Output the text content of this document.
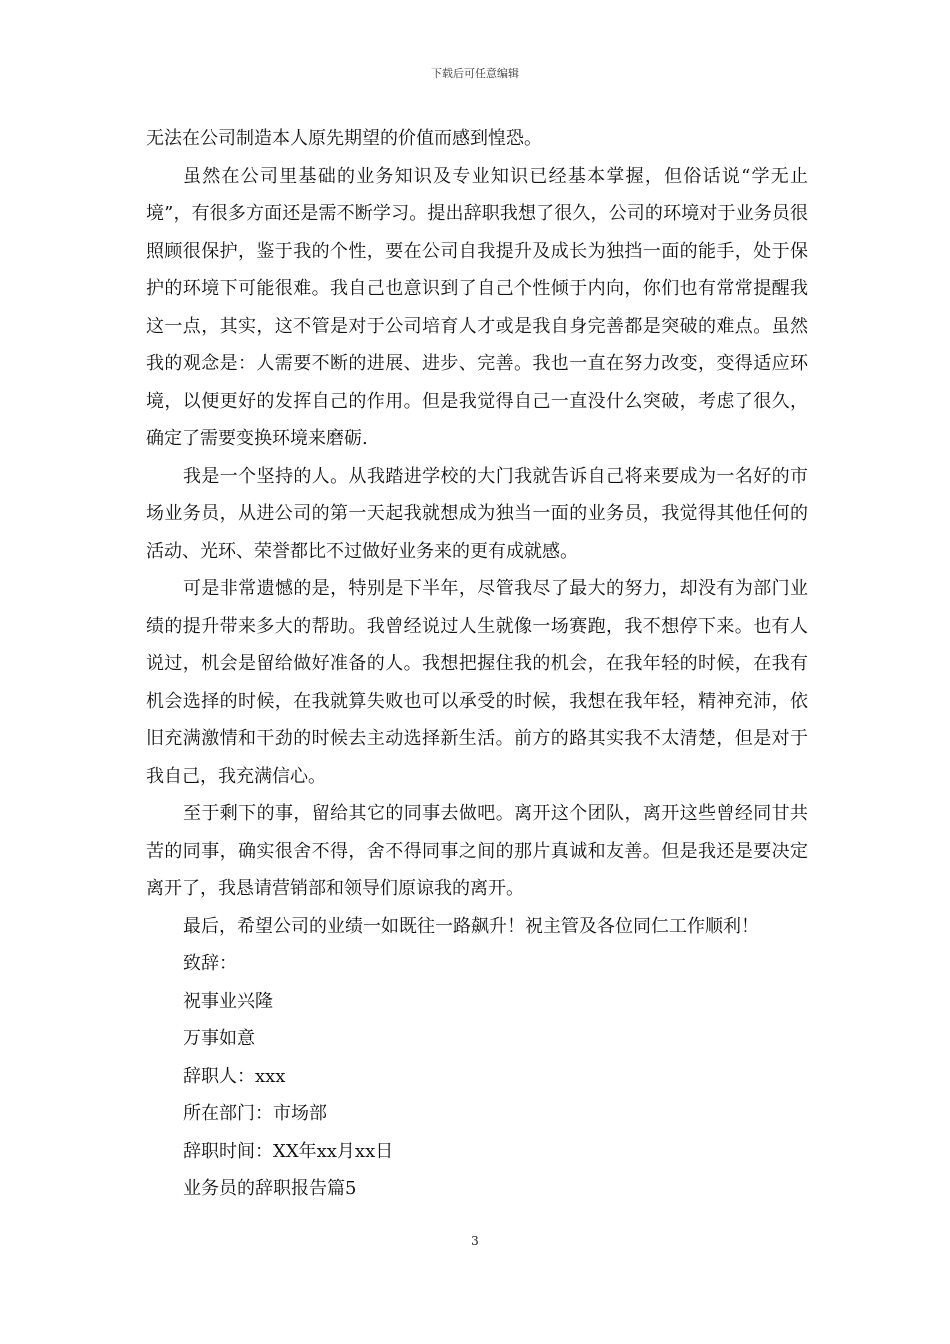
下载后可任意编辑

无法在公司制造本人原先期望的价值而感到惶恐。

虽然在公司里基础的业务知识及专业知识已经基本掌握，但俗话说“学无止境”，有很多方面还是需不断学习。提出辞职我想了很久，公司的环境对于业务员很照顾很保护，鉴于我的个性，要在公司自我提升及成长为独挡一面的能手，处于保护的环境下可能很难。我自己也意识到了自己个性倾于内向，你们也有常常提醒我这一点，其实，这不管是对于公司培育人才或是我自身完善都是突破的难点。虽然我的观念是：人需要不断的进展、进步、完善。我也一直在努力改变，变得适应环境，以便更好的发挥自己的作用。但是我觉得自己一直没什么突破，考虑了很久，确定了需要变换环境来磨砺.

我是一个坚持的人。从我踏进学校的大门我就告诉自己将来要成为一名好的市场业务员，从进公司的第一天起我就想成为独当一面的业务员，我觉得其他任何的活动、光环、荣誉都比不过做好业务来的更有成就感。

可是非常遗憾的是，特别是下半年，尽管我尽了最大的努力，却没有为部门业绩的提升带来多大的帮助。我曾经说过人生就像一场赛跑，我不想停下来。也有人说过，机会是留给做好准备的人。我想把握住我的机会，在我年轻的时候，在我有机会选择的时候，在我就算失败也可以承受的时候，我想在我年轻，精神充沛，依旧充满激情和干劲的时候去主动选择新生活。前方的路其实我不太清楚，但是对于我自己，我充满信心。

至于剩下的事，留给其它的同事去做吧。离开这个团队，离开这些曾经同甘共苦的同事，确实很舍不得，舍不得同事之间的那片真诚和友善。但是我还是要决定离开了，我恳请营销部和领导们原谅我的离开。

最后，希望公司的业绩一如既往一路飙升！祝主管及各位同仁工作顺利！

致辞：

祝事业兴隆

万事如意

辞职人：xxx

所在部门：市场部

辞职时间：XX年xx月xx日

业务员的辞职报告篇5

3
